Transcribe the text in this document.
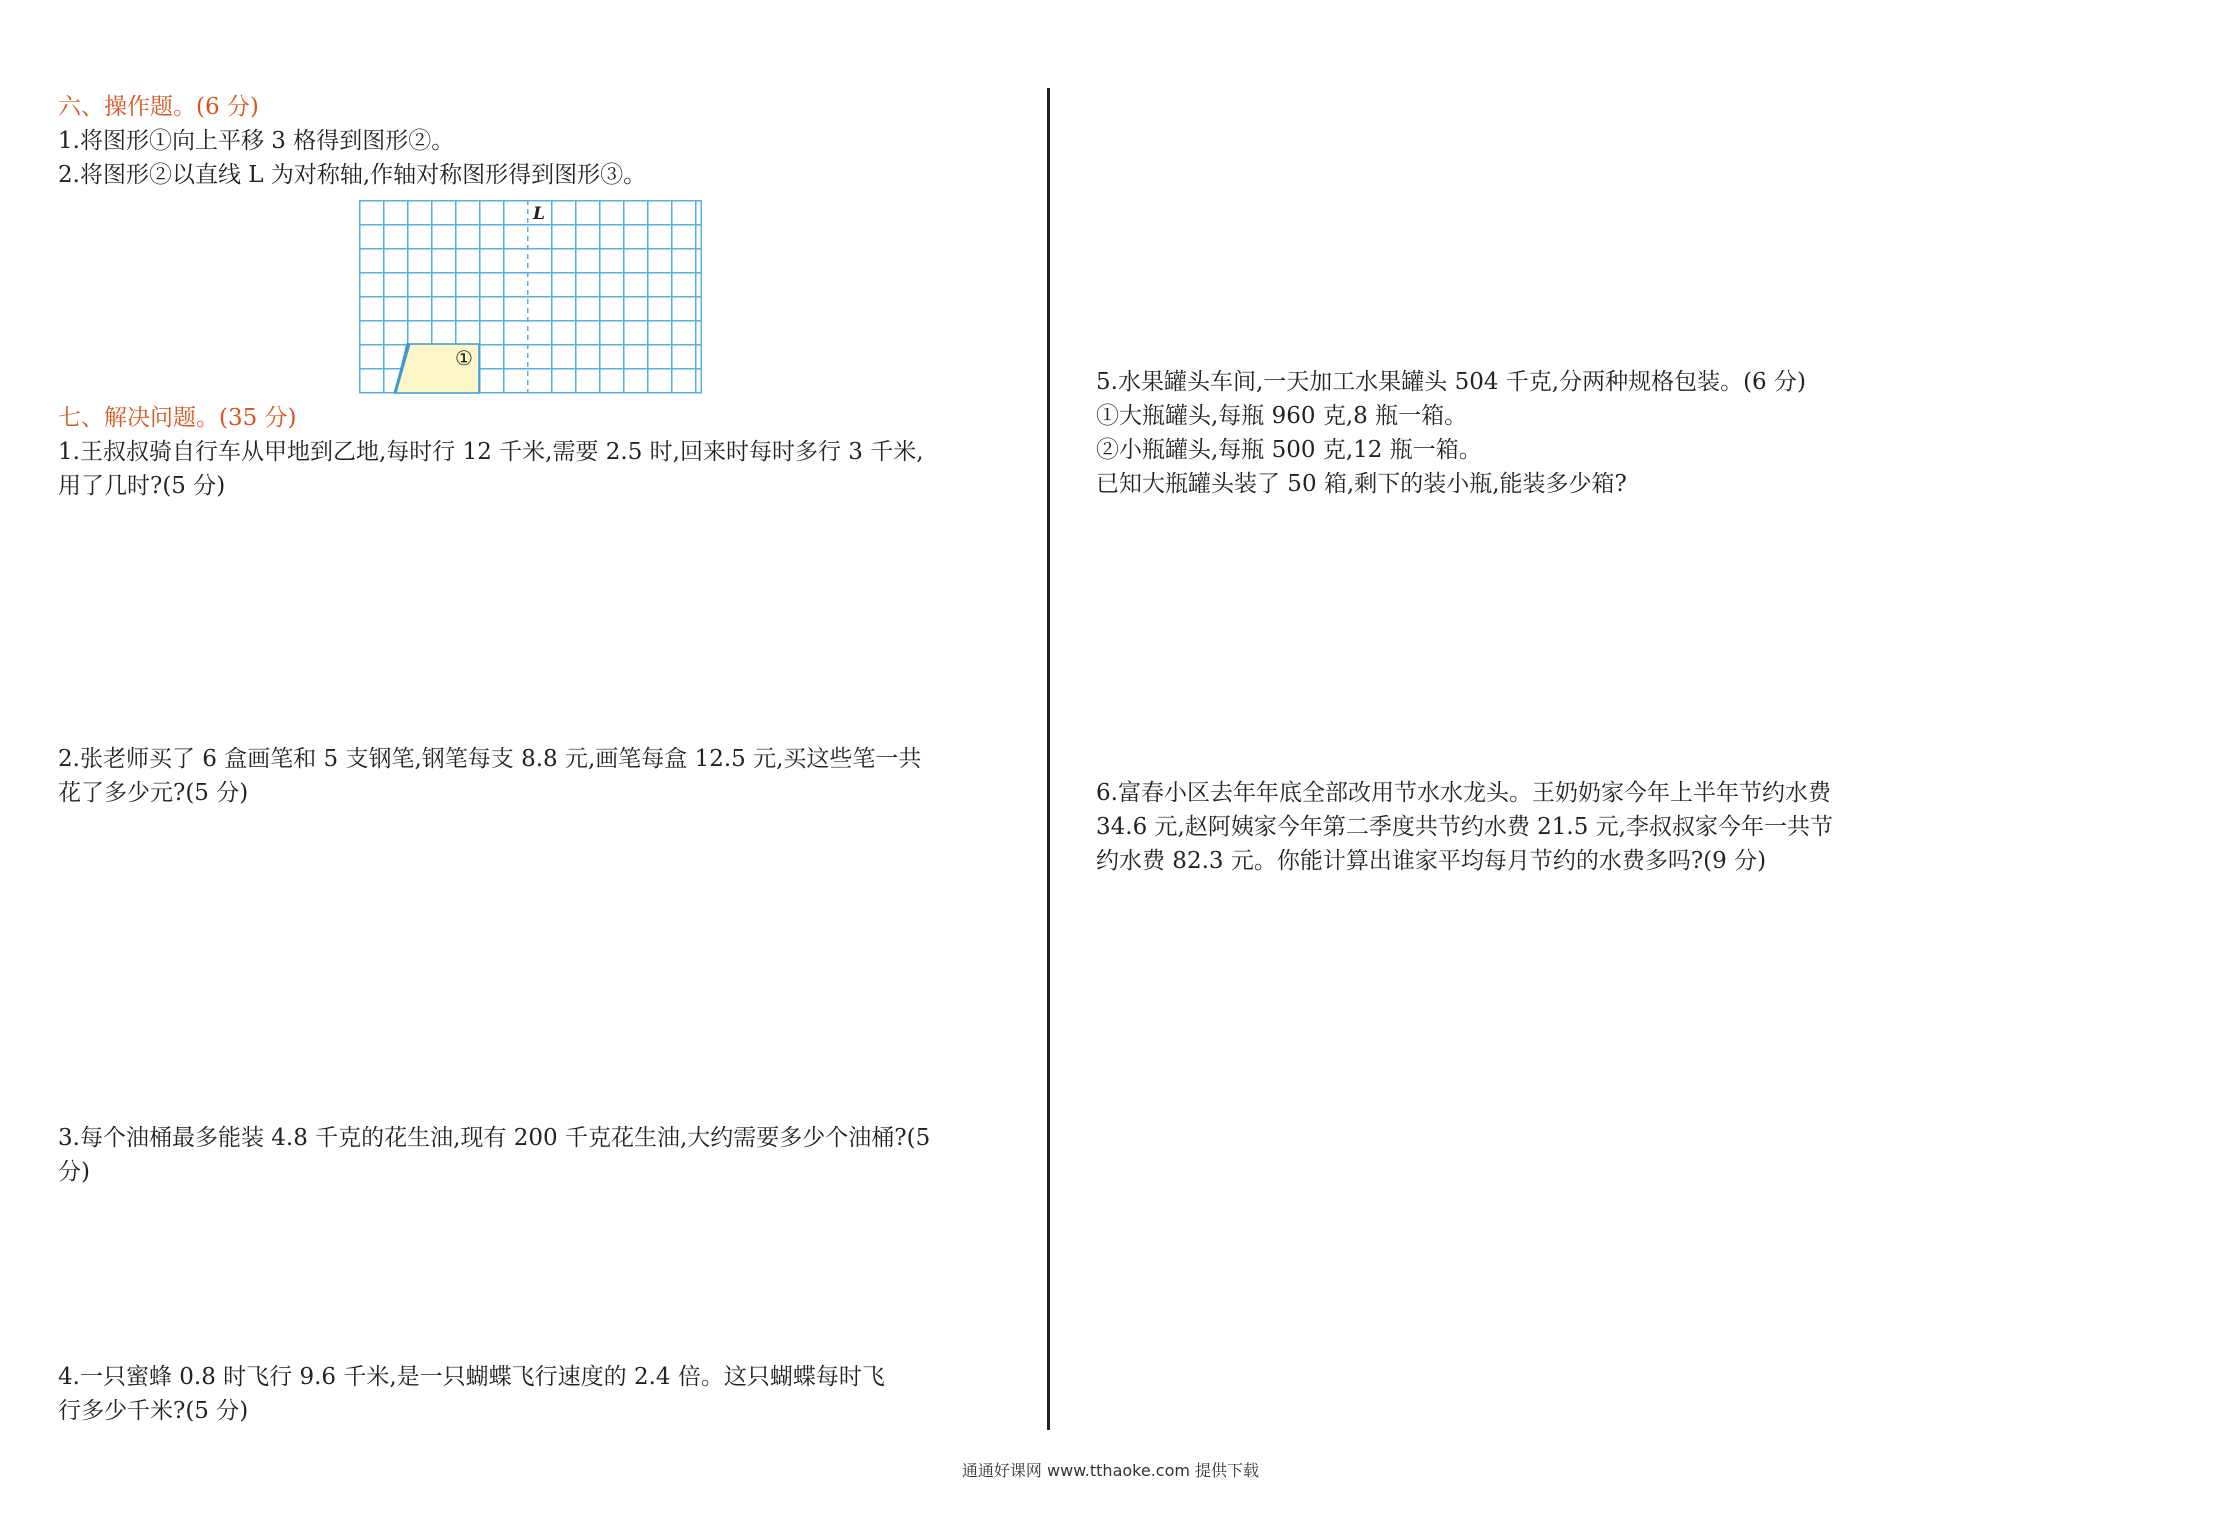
六、操作题。(6 分)
1.将图形①向上平移 3 格得到图形②。
2.将图形②以直线 L 为对称轴,作轴对称图形得到图形③。
L
①
七、解决问题。(35 分)
1.王叔叔骑自行车从甲地到乙地,每时行 12 千米,需要 2.5 时,回来时每时多行 3 千米,
用了几时?(5 分)
2.张老师买了 6 盒画笔和 5 支钢笔,钢笔每支 8.8 元,画笔每盒 12.5 元,买这些笔一共
花了多少元?(5 分)
3.每个油桶最多能装 4.8 千克的花生油,现有 200 千克花生油,大约需要多少个油桶?(5
分)
4.一只蜜蜂 0.8 时飞行 9.6 千米,是一只蝴蝶飞行速度的 2.4 倍。这只蝴蝶每时飞
行多少千米?(5 分)
5.水果罐头车间,一天加工水果罐头 504 千克,分两种规格包装。(6 分)
①大瓶罐头,每瓶 960 克,8 瓶一箱。
②小瓶罐头,每瓶 500 克,12 瓶一箱。
已知大瓶罐头装了 50 箱,剩下的装小瓶,能装多少箱?
6.富春小区去年年底全部改用节水水龙头。王奶奶家今年上半年节约水费
34.6 元,赵阿姨家今年第二季度共节约水费 21.5 元,李叔叔家今年一共节
约水费 82.3 元。你能计算出谁家平均每月节约的水费多吗?(9 分)
通通好课网 www.tthaoke.com 提供下载
